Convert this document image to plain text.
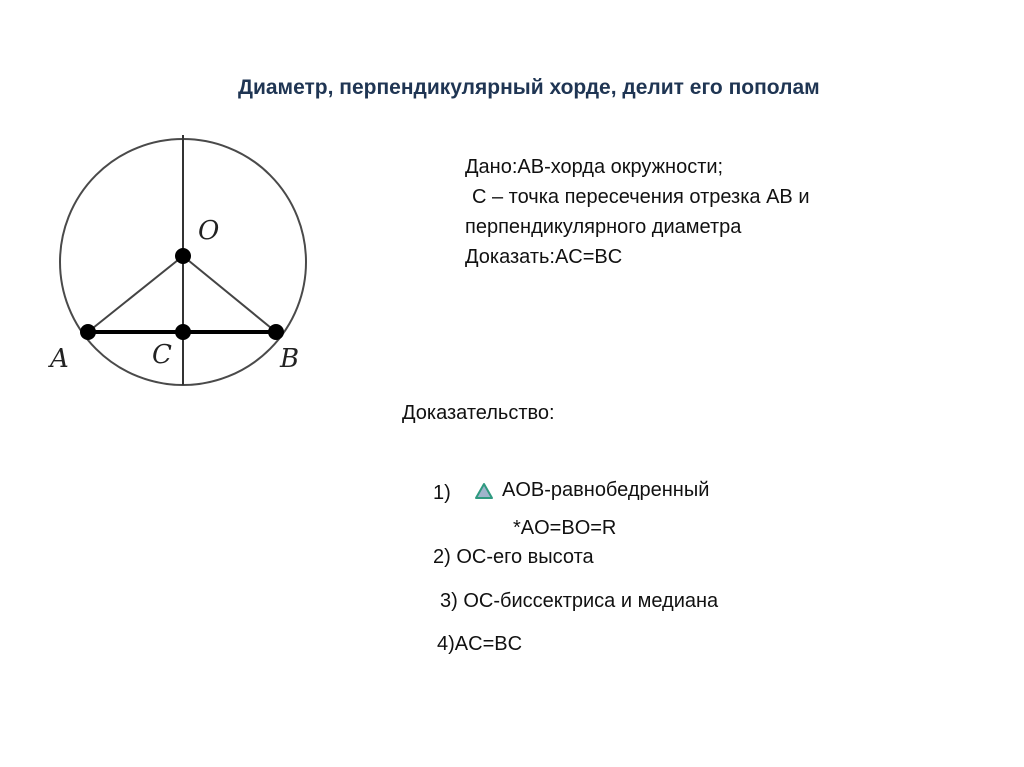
Диаметр, перпендикулярный хорде, делит его пополам
Дано:AB-хорда окружности;
C – точка пересечения отрезка AB и
перпендикулярного диаметра
Доказать:AC=BC
O
A	C	B
Доказательство:
1)	AOB-равнобедренный
*AO=BO=R
2) OC-его высота
3) OC-биссектриса и медиана
4)AC=BC
